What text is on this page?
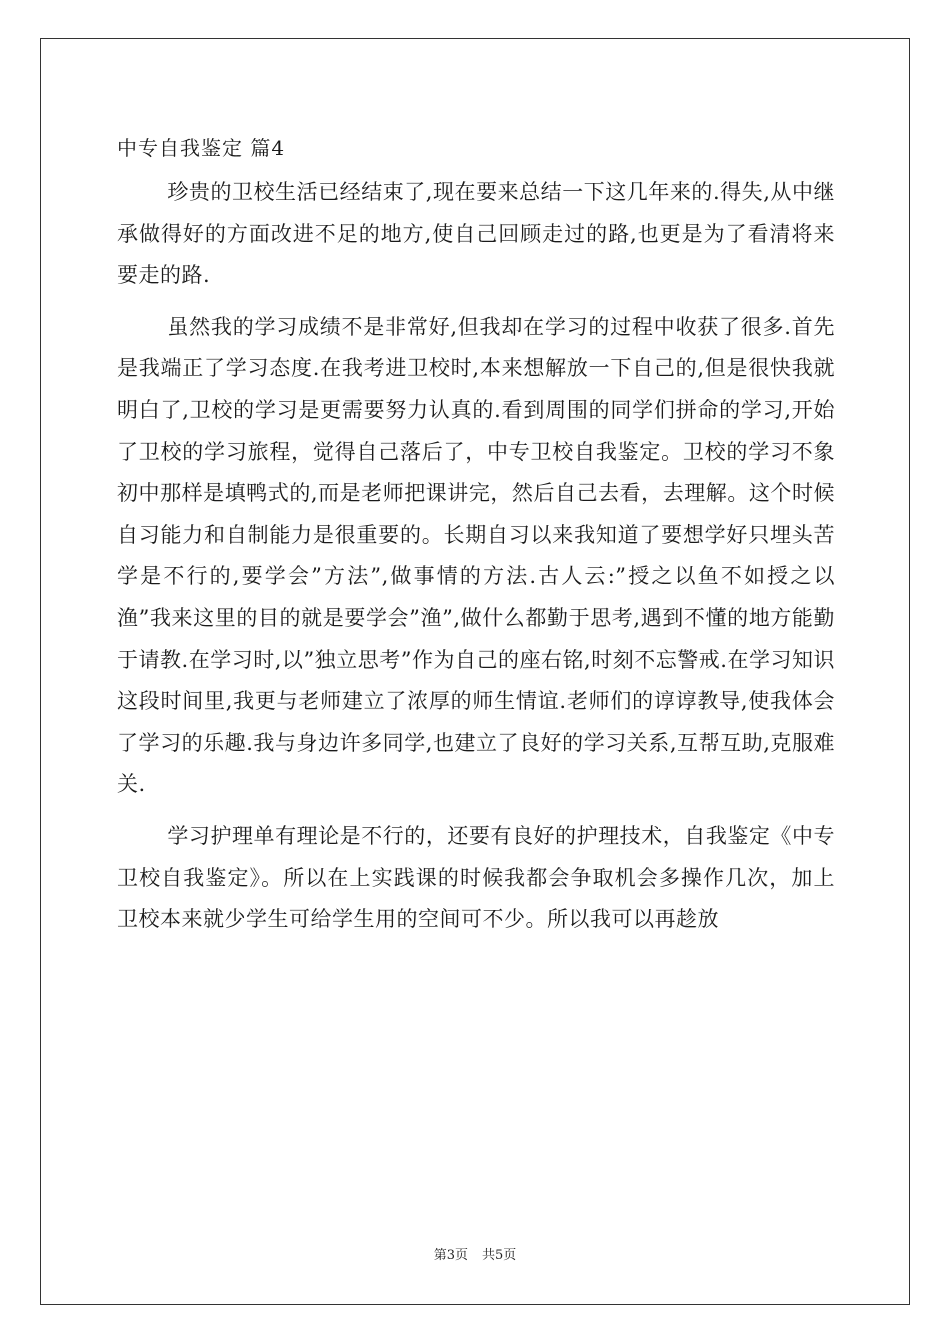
中专自我鉴定 篇4

珍贵的卫校生活已经结束了,现在要来总结一下这几年来的.得失,从中继承做得好的方面改进不足的地方,使自己回顾走过的路,也更是为了看清将来要走的路.

虽然我的学习成绩不是非常好,但我却在学习的过程中收获了很多.首先是我端正了学习态度.在我考进卫校时,本来想解放一下自己的,但是很快我就明白了,卫校的学习是更需要努力认真的.看到周围的同学们拼命的学习,开始了卫校的学习旅程，觉得自己落后了，中专卫校自我鉴定。卫校的学习不象初中那样是填鸭式的,而是老师把课讲完，然后自己去看，去理解。这个时候自习能力和自制能力是很重要的。长期自习以来我知道了要想学好只埋头苦学是不行的,要学会”方法”,做事情的方法.古人云:”授之以鱼不如授之以渔”我来这里的目的就是要学会”渔”,做什么都勤于思考,遇到不懂的地方能勤于请教.在学习时,以”独立思考”作为自己的座右铭,时刻不忘警戒.在学习知识这段时间里,我更与老师建立了浓厚的师生情谊.老师们的谆谆教导,使我体会了学习的乐趣.我与身边许多同学,也建立了良好的学习关系,互帮互助,克服难关.

学习护理单有理论是不行的，还要有良好的护理技术，自我鉴定《中专卫校自我鉴定》。所以在上实践课的时候我都会争取机会多操作几次，加上卫校本来就少学生可给学生用的空间可不少。所以我可以再趁放

第3页 共5页
